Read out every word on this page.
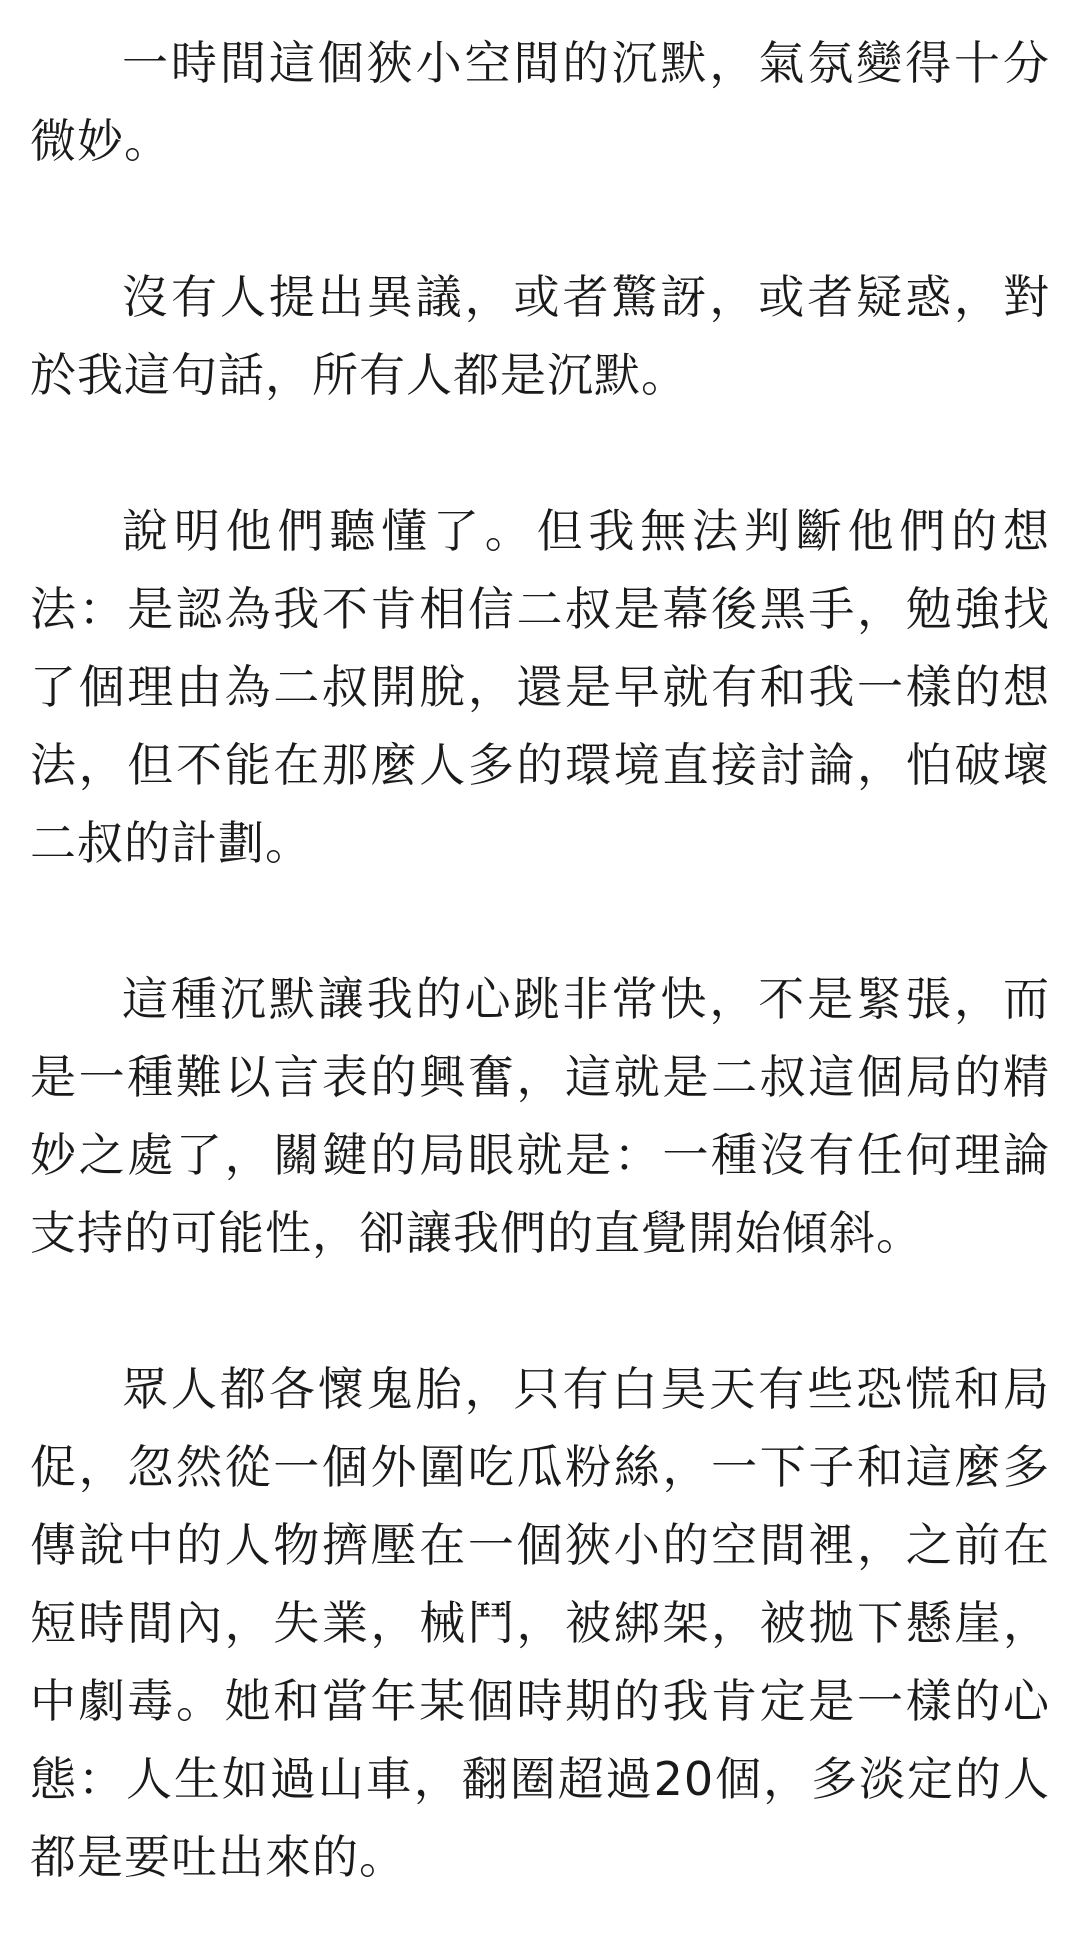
一時間這個狹小空間的沉默，氣氛變得十分微妙。

沒有人提出異議，或者驚訝，或者疑惑，對於我這句話，所有人都是沉默。

說明他們聽懂了。但我無法判斷他們的想法：是認為我不肯相信二叔是幕後黑手，勉強找了個理由為二叔開脫，還是早就有和我一樣的想法，但不能在那麼人多的環境直接討論，怕破壞二叔的計劃。

這種沉默讓我的心跳非常快，不是緊張，而是一種難以言表的興奮，這就是二叔這個局的精妙之處了，關鍵的局眼就是：一種沒有任何理論支持的可能性，卻讓我們的直覺開始傾斜。

眾人都各懷鬼胎，只有白昊天有些恐慌和局促，忽然從一個外圍吃瓜粉絲，一下子和這麼多傳說中的人物擠壓在一個狹小的空間裡，之前在短時間內，失業，械鬥，被綁架，被拋下懸崖，中劇毒。她和當年某個時期的我肯定是一樣的心態：人生如過山車，翻圈超過20個，多淡定的人都是要吐出來的。
